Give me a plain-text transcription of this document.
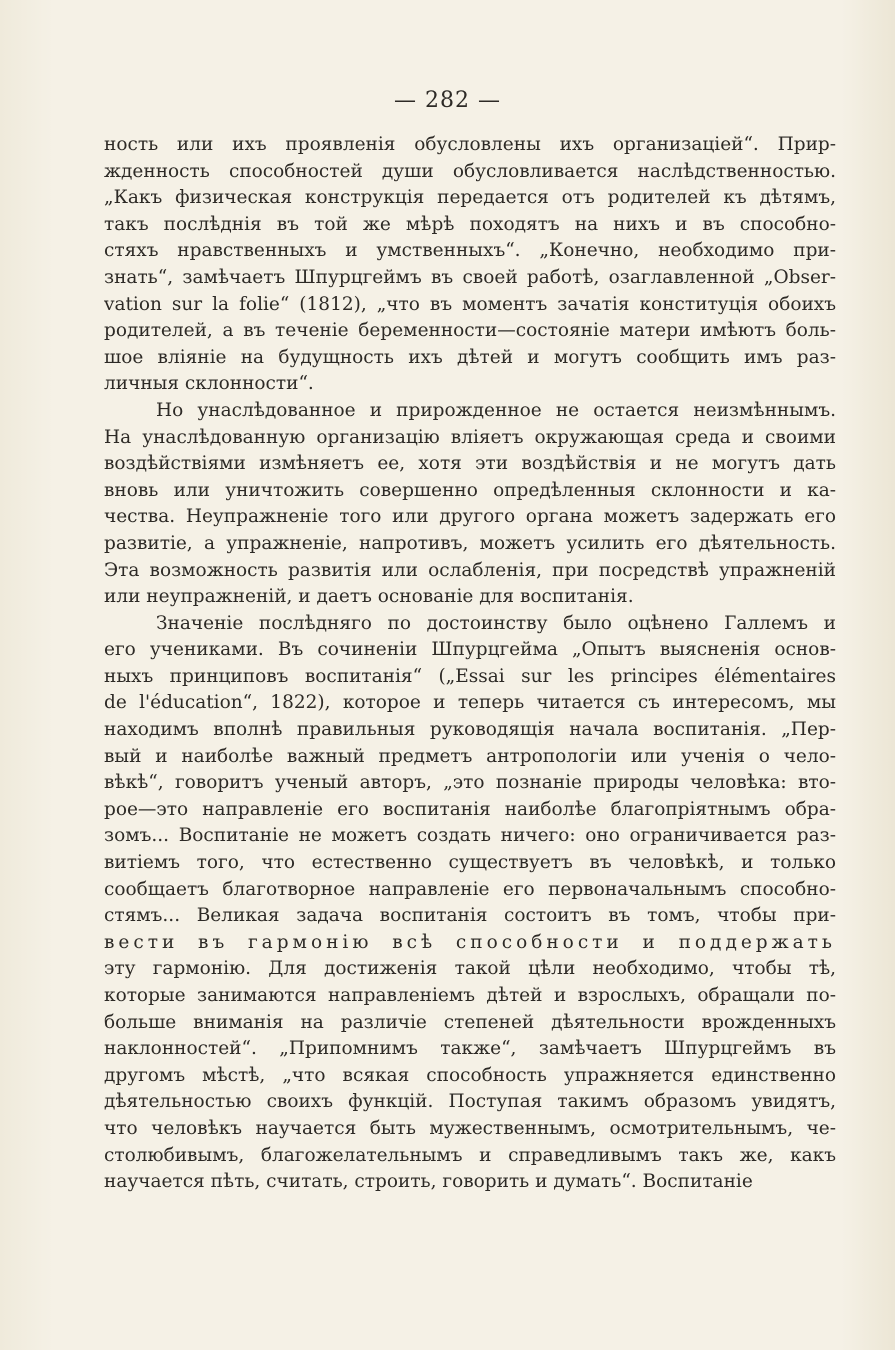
— 282 —
ность или ихъ проявленія обусловлены ихъ организаціей“. Прир-
жденность способностей души обусловливается наслѣдственностью.
„Какъ физическая конструкція передается отъ родителей къ дѣтямъ,
такъ послѣднія въ той же мѣрѣ походятъ на нихъ и въ способно-
стяхъ нравственныхъ и умственныхъ“. „Конечно, необходимо при-
знать“, замѣчаетъ Шпурцгеймъ въ своей работѣ, озаглавленной „Obser-
vation sur la folie“ (1812), „что въ моментъ зачатія конституція обоихъ
родителей, а въ теченіе беременности—состояніе матери имѣютъ боль-
шое вліяніе на будущность ихъ дѣтей и могутъ сообщить имъ раз-
личныя склонности“.
Но унаслѣдованное и прирожденное не остается неизмѣннымъ.
На унаслѣдованную организацію вліяетъ окружающая среда и своими
воздѣйствіями измѣняетъ ее, хотя эти воздѣйствія и не могутъ дать
вновь или уничтожить совершенно опредѣленныя склонности и ка-
чества. Неупражненіе того или другого органа можетъ задержать его
развитіе, а упражненіе, напротивъ, можетъ усилить его дѣятельность.
Эта возможность развитія или ослабленія, при посредствѣ упражненій
или неупражненій, и даетъ основаніе для воспитанія.
Значеніе послѣдняго по достоинству было оцѣнено Галлемъ и
его учениками. Въ сочиненіи Шпурцгейма „Опытъ выясненія основ-
ныхъ принциповъ воспитанія“ („Essai sur les principes élémentaires
de l'éducation“, 1822), которое и теперь читается съ интересомъ, мы
находимъ вполнѣ правильныя руководящія начала воспитанія. „Пер-
вый и наиболѣе важный предметъ антропологіи или ученія о чело-
вѣкѣ“, говоритъ ученый авторъ, „это познаніе природы человѣка: вто-
рое—это направленіе его воспитанія наиболѣе благопріятнымъ обра-
зомъ... Воспитаніе не можетъ создать ничего: оно ограничивается раз-
витіемъ того, что естественно существуетъ въ человѣкѣ, и только
сообщаетъ благотворное направленіе его первоначальнымъ способно-
стямъ... Великая задача воспитанія состоитъ въ томъ, чтобы при-
вести въ гармонію всѣ способности и поддержать
эту гармонію. Для достиженія такой цѣли необходимо, чтобы тѣ,
которые занимаются направленіемъ дѣтей и взрослыхъ, обращали по-
больше вниманія на различіе степеней дѣятельности врожденныхъ
наклонностей“. „Припомнимъ также“, замѣчаетъ Шпурцгеймъ въ
другомъ мѣстѣ, „что всякая способность упражняется единственно
дѣятельностью своихъ функцій. Поступая такимъ образомъ увидятъ,
что человѣкъ научается быть мужественнымъ, осмотрительнымъ, че-
столюбивымъ, благожелательнымъ и справедливымъ такъ же, какъ
научается пѣть, считать, строить, говорить и думать“. Воспитаніе
